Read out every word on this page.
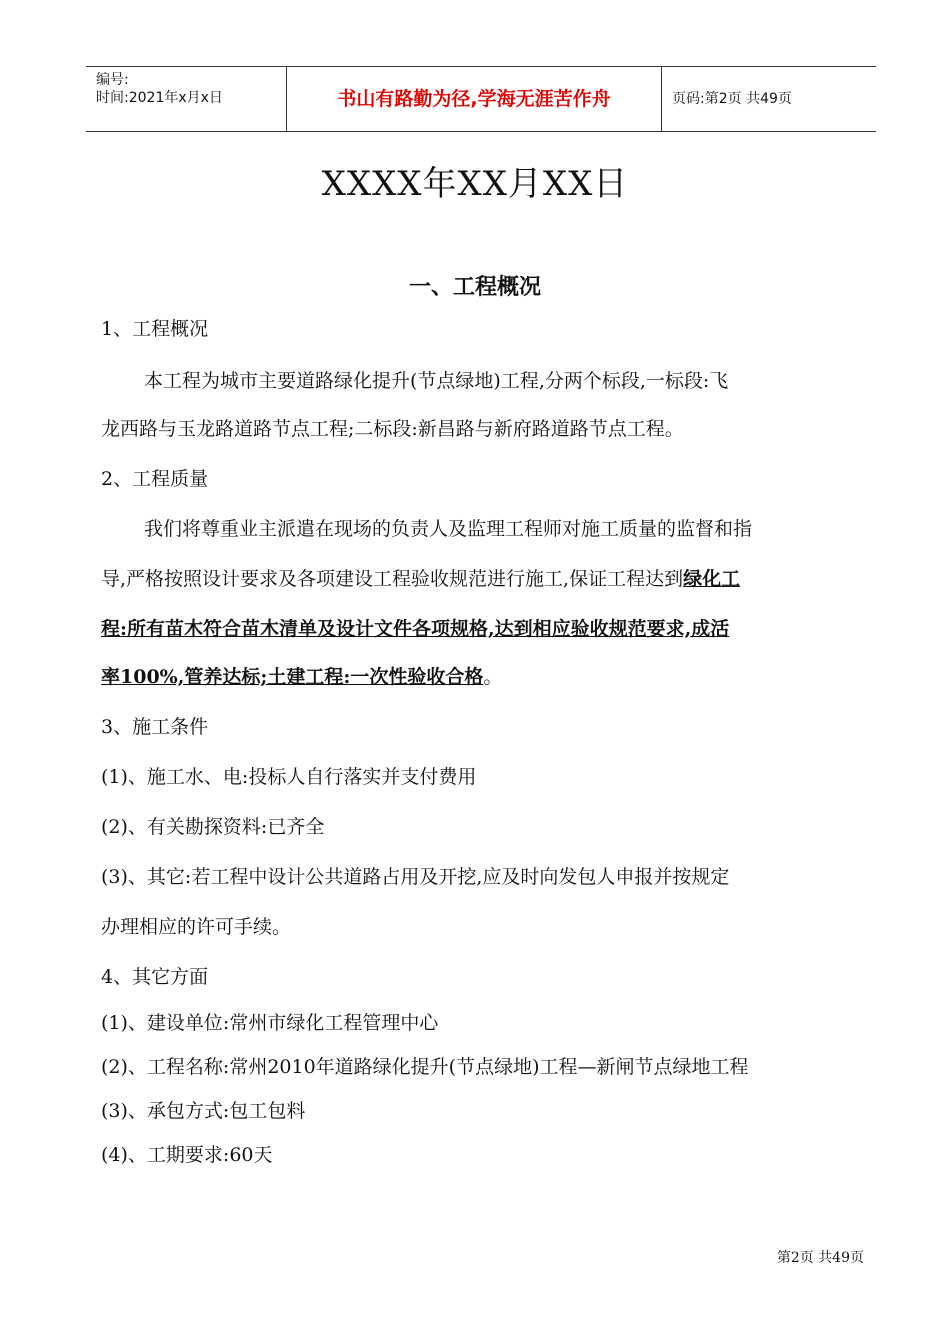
编号:
时间:2021年x月x日	书山有路勤为径,学海无涯苦作舟	页码:第2页 共49页
XXXX年XX月XX日
一、工程概况
1、工程概况
本工程为城市主要道路绿化提升(节点绿地)工程,分两个标段,一标段:飞
龙西路与玉龙路道路节点工程;二标段:新昌路与新府路道路节点工程。
2、工程质量
我们将尊重业主派遣在现场的负责人及监理工程师对施工质量的监督和指
导,严格按照设计要求及各项建设工程验收规范进行施工,保证工程达到绿化工
程:所有苗木符合苗木清单及设计文件各项规格,达到相应验收规范要求,成活
率100%,管养达标;土建工程:一次性验收合格。
3、施工条件
(1)、施工水、电:投标人自行落实并支付费用
(2)、有关勘探资料:已齐全
(3)、其它:若工程中设计公共道路占用及开挖,应及时向发包人申报并按规定
办理相应的许可手续。
4、其它方面
(1)、建设单位:常州市绿化工程管理中心
(2)、工程名称:常州2010年道路绿化提升(节点绿地)工程—新闸节点绿地工程
(3)、承包方式:包工包料
(4)、工期要求:60天
第2页 共49页
